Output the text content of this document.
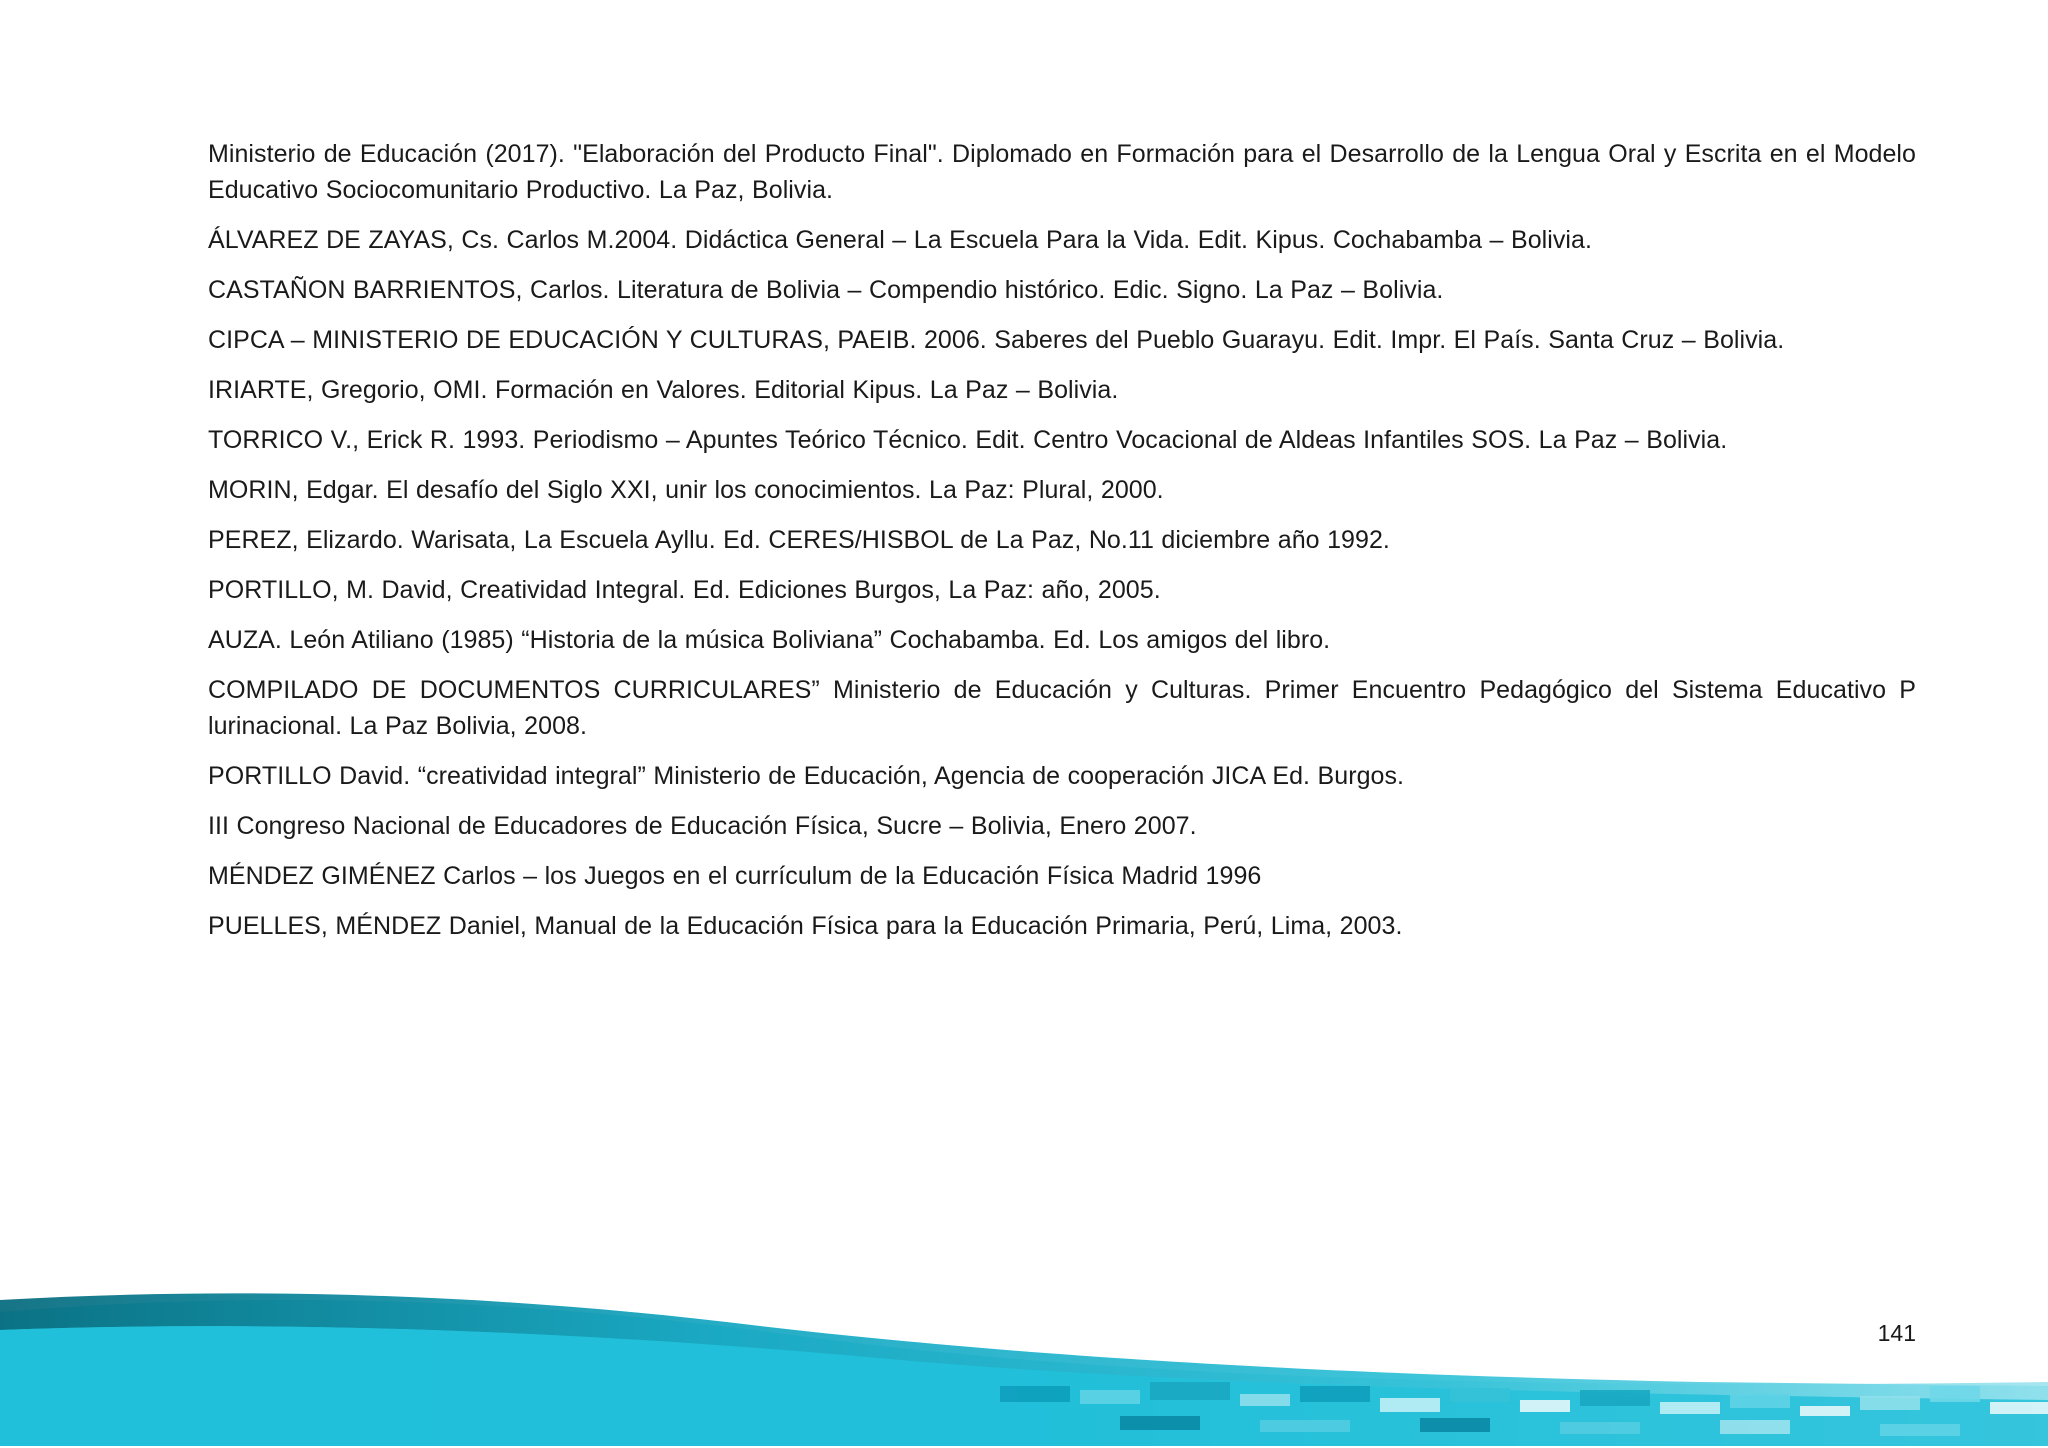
Ministerio de Educación (2017). "Elaboración del Producto Final". Diplomado en Formación para el Desarrollo de la Lengua Oral y Escrita en el Modelo Educativo Sociocomunitario Productivo. La Paz, Bolivia.
ÁLVAREZ DE ZAYAS, Cs. Carlos M.2004. Didáctica General – La Escuela Para la Vida. Edit. Kipus. Cochabamba – Bolivia.
CASTAÑON BARRIENTOS, Carlos. Literatura de Bolivia – Compendio histórico. Edic. Signo. La Paz – Bolivia.
CIPCA – MINISTERIO DE EDUCACIÓN Y CULTURAS, PAEIB. 2006. Saberes del Pueblo Guarayu. Edit. Impr. El País. Santa Cruz – Bolivia.
IRIARTE, Gregorio, OMI. Formación en Valores. Editorial Kipus. La Paz – Bolivia.
TORRICO V., Erick R. 1993. Periodismo – Apuntes Teórico Técnico. Edit. Centro Vocacional de Aldeas Infantiles SOS. La Paz – Bolivia.
MORIN, Edgar. El desafío del Siglo XXI, unir los conocimientos. La Paz: Plural, 2000.
PEREZ, Elizardo. Warisata, La Escuela Ayllu. Ed. CERES/HISBOL de La Paz, No.11 diciembre año 1992.
PORTILLO, M. David, Creatividad Integral. Ed. Ediciones Burgos, La Paz: año, 2005.
AUZA. León Atiliano (1985) “Historia de la música Boliviana” Cochabamba. Ed. Los amigos del libro.
COMPILADO DE DOCUMENTOS CURRICULARES” Ministerio de Educación y Culturas. Primer Encuentro Pedagógico del Sistema Educativo P lurinacional. La Paz Bolivia, 2008.
PORTILLO David. “creatividad integral” Ministerio de Educación, Agencia de cooperación JICA Ed. Burgos.
III Congreso Nacional de Educadores de Educación Física, Sucre – Bolivia, Enero 2007.
MÉNDEZ GIMÉNEZ Carlos – los Juegos en el currículum de la Educación Física Madrid 1996
PUELLES, MÉNDEZ Daniel, Manual de la Educación Física para la Educación Primaria, Perú, Lima, 2003.
141
